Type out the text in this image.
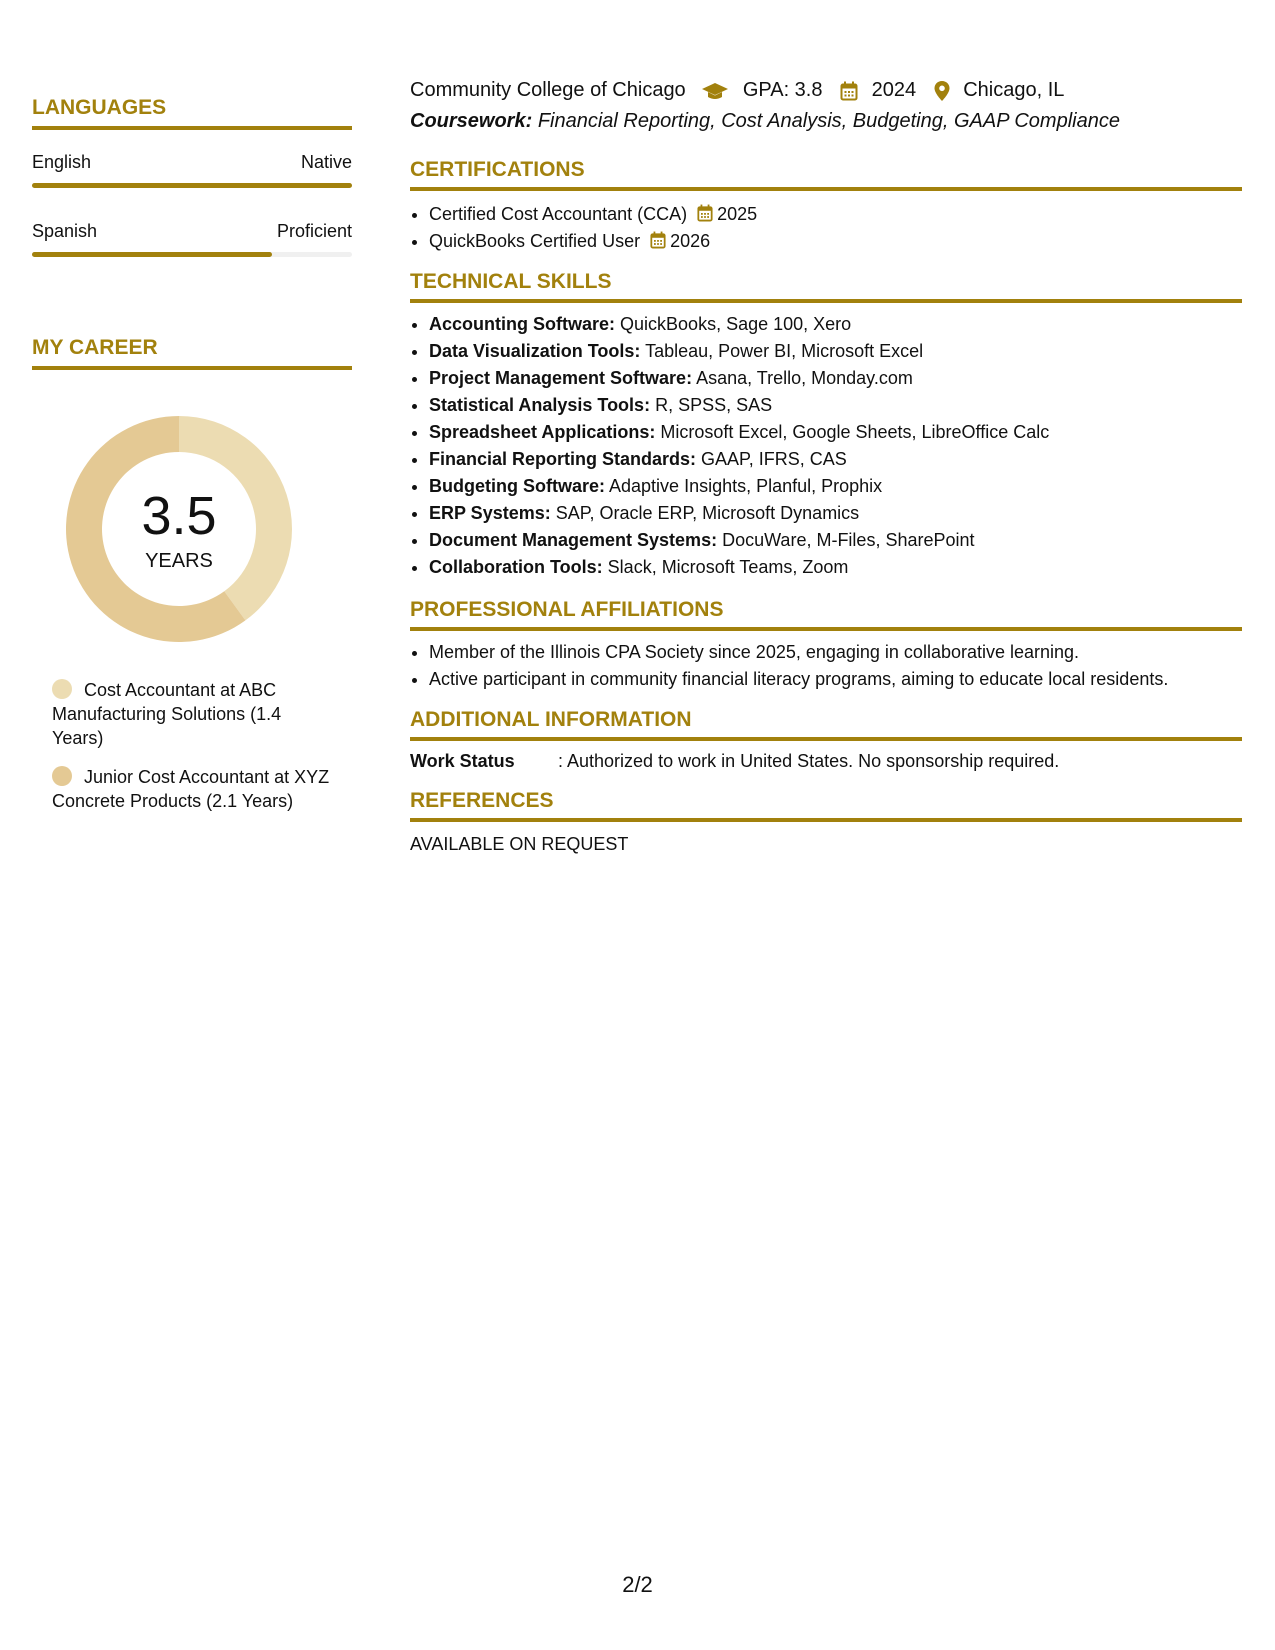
LANGUAGES
English	Native
Spanish	Proficient
MY CAREER
3.5
YEARS
Cost Accountant at ABC Manufacturing Solutions (1.4 Years)
Junior Cost Accountant at XYZ Concrete Products (2.1 Years)
Community College of Chicago	GPA: 3.8 2024 Chicago, IL
Coursework: Financial Reporting, Cost Analysis, Budgeting, GAAP Compliance
CERTIFICATIONS
• Certified Cost Accountant (CCA) 2025
• QuickBooks Certified User 2026
TECHNICAL SKILLS
• Accounting Software: QuickBooks, Sage 100, Xero
• Data Visualization Tools: Tableau, Power BI, Microsoft Excel
• Project Management Software: Asana, Trello, Monday.com
• Statistical Analysis Tools: R, SPSS, SAS
• Spreadsheet Applications: Microsoft Excel, Google Sheets, LibreOffice Calc
• Financial Reporting Standards: GAAP, IFRS, CAS
• Budgeting Software: Adaptive Insights, Planful, Prophix
• ERP Systems: SAP, Oracle ERP, Microsoft Dynamics
• Document Management Systems: DocuWare, M-Files, SharePoint
• Collaboration Tools: Slack, Microsoft Teams, Zoom
PROFESSIONAL AFFILIATIONS
• Member of the Illinois CPA Society since 2025, engaging in collaborative learning.
• Active participant in community financial literacy programs, aiming to educate local residents.
ADDITIONAL INFORMATION
Work Status : Authorized to work in United States. No sponsorship required.
REFERENCES
AVAILABLE ON REQUEST
2/2
